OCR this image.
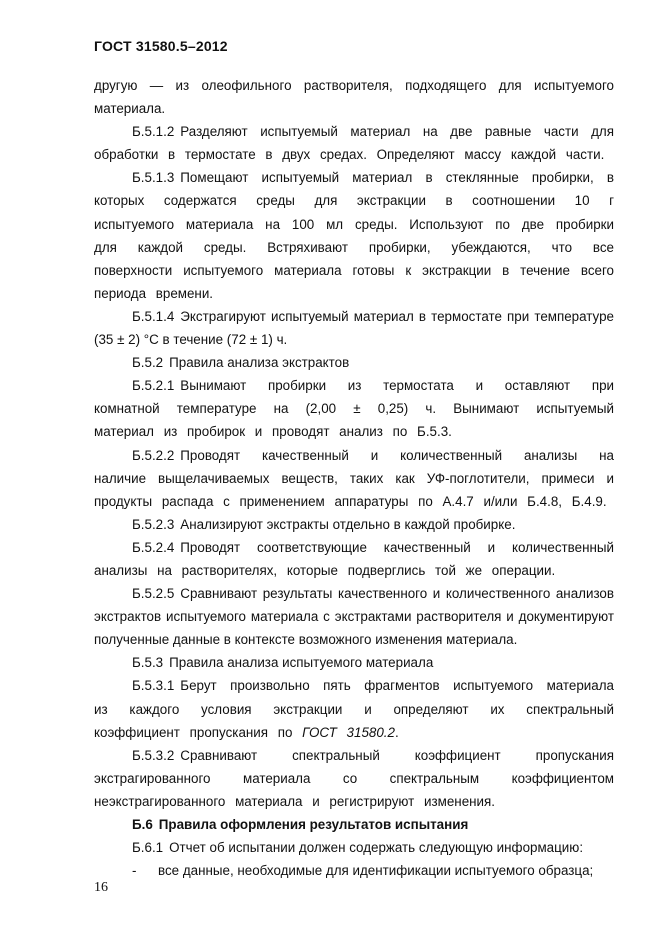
ГОСТ 31580.5–2012

другую — из олеофильного растворителя, подходящего для испытуемого материала.

Б.5.1.2 Разделяют испытуемый материал на две равные части для обработки в термостате в двух средах. Определяют массу каждой части.

Б.5.1.3 Помещают испытуемый материал в стеклянные пробирки, в которых содержатся среды для экстракции в соотношении 10 г испытуемого материала на 100 мл среды. Используют по две пробирки для каждой среды. Встряхивают пробирки, убеждаются, что все поверхности испытуемого материала готовы к экстракции в течение всего периода времени.

Б.5.1.4 Экстрагируют испытуемый материал в термостате при температуре (35 ± 2) °С в течение (72 ± 1) ч.

Б.5.2 Правила анализа экстрактов

Б.5.2.1 Вынимают пробирки из термостата и оставляют при комнатной температуре на (2,00 ± 0,25) ч. Вынимают испытуемый материал из пробирок и проводят анализ по Б.5.3.

Б.5.2.2 Проводят качественный и количественный анализы на наличие выщелачиваемых веществ, таких как УФ-поглотители, примеси и продукты распада с применением аппаратуры по А.4.7 и/или Б.4.8, Б.4.9.

Б.5.2.3 Анализируют экстракты отдельно в каждой пробирке.

Б.5.2.4 Проводят соответствующие качественный и количественный анализы на растворителях, которые подверглись той же операции.

Б.5.2.5 Сравнивают результаты качественного и количественного анализов экстрактов испытуемого материала с экстрактами растворителя и документируют полученные данные в контексте возможного изменения материала.

Б.5.3 Правила анализа испытуемого материала

Б.5.3.1 Берут произвольно пять фрагментов испытуемого материала из каждого условия экстракции и определяют их спектральный коэффициент пропускания по ГОСТ 31580.2.

Б.5.3.2 Сравнивают спектральный коэффициент пропускания экстрагированного материала со спектральным коэффициентом неэкстрагированного материала и регистрируют изменения.

Б.6 Правила оформления результатов испытания

Б.6.1 Отчет об испытании должен содержать следующую информацию:

-	все данные, необходимые для идентификации испытуемого образца;
16
